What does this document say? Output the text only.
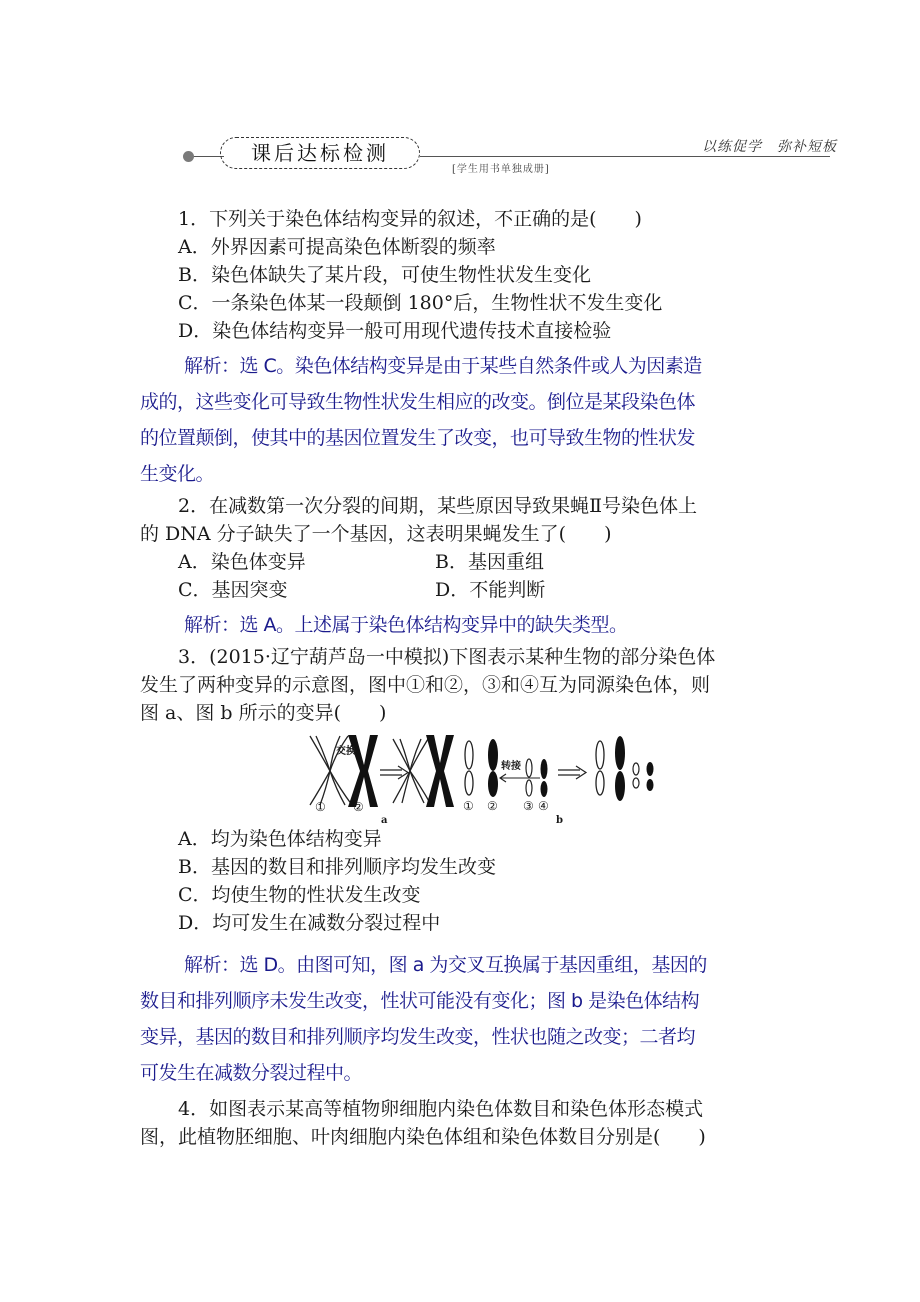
课后达标检测	以练促学　弥补短板
[学生用书单独成册]
1．下列关于染色体结构变异的叙述，不正确的是(　　)
A．外界因素可提高染色体断裂的频率
B．染色体缺失了某片段，可使生物性状发生变化
C．一条染色体某一段颠倒 180°后，生物性状不发生变化
D．染色体结构变异一般可用现代遗传技术直接检验
解析：选 C。染色体结构变异是由于某些自然条件或人为因素造
成的，这些变化可导致生物性状发生相应的改变。倒位是某段染色体
的位置颠倒，使其中的基因位置发生了改变，也可导致生物的性状发
生变化。
2．在减数第一次分裂的间期，某些原因导致果蝇Ⅱ号染色体上
的 DNA 分子缺失了一个基因，这表明果蝇发生了(　　)
A．染色体变异	B．基因重组
C．基因突变	D．不能判断
解析：选 A。上述属于染色体结构变异中的缺失类型。
3．(2015·辽宁葫芦岛一中模拟)下图表示某种生物的部分染色体
发生了两种变异的示意图，图中①和②，③和④互为同源染色体，则
图 a、图 b 所示的变异(　　)
交换
转接
① ②	① ② ③ ④
a	b
A．均为染色体结构变异
B．基因的数目和排列顺序均发生改变
C．均使生物的性状发生改变
D．均可发生在减数分裂过程中
解析：选 D。由图可知，图 a 为交叉互换属于基因重组，基因的
数目和排列顺序未发生改变，性状可能没有变化；图 b 是染色体结构
变异，基因的数目和排列顺序均发生改变，性状也随之改变；二者均
可发生在减数分裂过程中。
4．如图表示某高等植物卵细胞内染色体数目和染色体形态模式
图，此植物胚细胞、叶肉细胞内染色体组和染色体数目分别是(　　)
